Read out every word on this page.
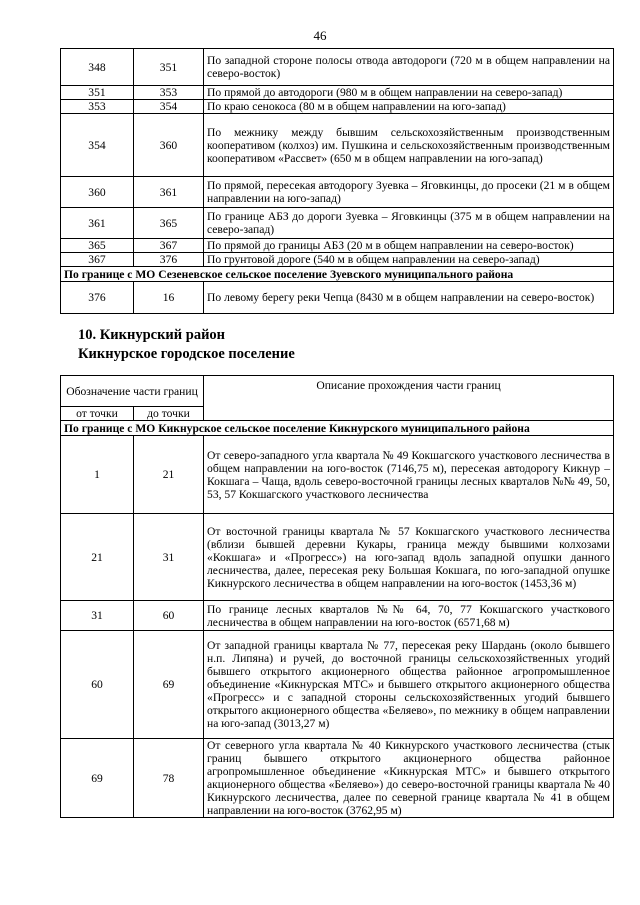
46
348	351	По западной стороне полосы отвода автодороги (720 м в общем направлении на северо-восток)
351	353	По прямой до автодороги (980 м в общем направлении на северо-запад)
353	354	По краю сенокоса (80 м в общем направлении на юго-запад)
354	360	По межнику между бывшим сельскохозяйственным производственным кооперативом (колхоз) им. Пушкина и сельскохозяйственным производственным кооперативом «Рассвет» (650 м в общем направлении на юго-запад)
360	361	По прямой, пересекая автодорогу Зуевка – Яговкинцы, до просеки (21 м в общем направлении на юго-запад)
361	365	По границе АБЗ до дороги Зуевка – Яговкинцы (375 м в общем направлении на северо-запад)
365	367	По прямой до границы АБЗ (20 м в общем направлении на северо-восток)
367	376	По грунтовой дороге (540 м в общем направлении на северо-запад)
По границе с МО Сезеневское сельское поселение Зуевского муниципального района		
376	16	По левому берегу реки Чепца (8430 м в общем направлении на северо-восток)
10. Кикнурский район
Кикнурское городское поселение
Обозначение части границ		Описание прохождения части границ
от точки	до точки	
По границе с МО Кикнурское сельское поселение Кикнурского муниципального района		
1	21	От северо-западного угла квартала № 49 Кокшагского участкового лесничества в общем направлении на юго-восток (7146,75 м), пересекая автодорогу Кикнур – Кокшага – Чаща, вдоль северо-восточной границы лесных кварталов №№ 49, 50, 53, 57 Кокшагского участкового лесничества
21	31	От восточной границы квартала № 57 Кокшагского участкового лесничества (вблизи бывшей деревни Кукары, граница между бывшими колхозами «Кокшага» и «Прогресс») на юго-запад вдоль западной опушки данного лесничества, далее, пересекая реку Большая Кокшага, по юго-западной опушке Кикнурского лесничества в общем направлении на юго-восток (1453,36 м)
31	60	По границе лесных кварталов №№ 64, 70, 77 Кокшагского участкового лесничества в общем направлении на юго-восток (6571,68 м)
60	69	От западной границы квартала № 77, пересекая реку Шардань (около бывшего н.п. Липяна) и ручей, до восточной границы сельскохозяйственных угодий бывшего открытого акционерного общества районное агропромышленное объединение «Кикнурская МТС» и бывшего открытого акционерного общества «Прогресс» и с западной стороны сельскохозяйственных угодий бывшего открытого акционерного общества «Беляево», по межнику в общем направлении на юго-запад (3013,27 м)
69	78	От северного угла квартала № 40 Кикнурского участкового лесничества (стык границ бывшего открытого акционерного общества районное агропромышленное объединение «Кикнурская МТС» и бывшего открытого акционерного общества «Беляево») до северо-восточной границы квартала № 40 Кикнурского лесничества, далее по северной границе квартала № 41 в общем направлении на юго-восток (3762,95 м)
